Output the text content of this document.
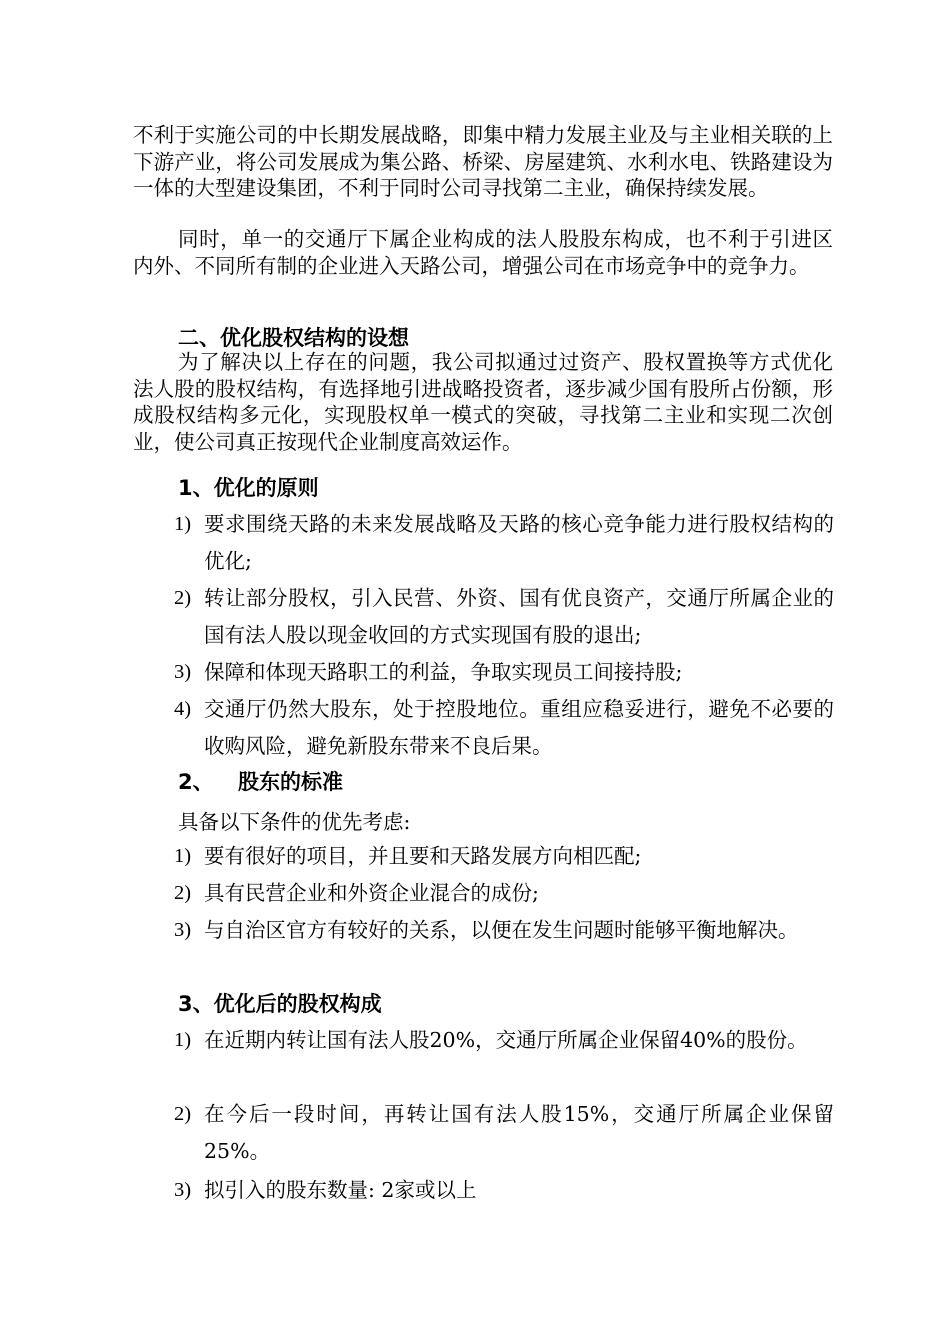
不利于实施公司的中长期发展战略，即集中精力发展主业及与主业相关联的上下游产业，将公司发展成为集公路、桥梁、房屋建筑、水利水电、铁路建设为一体的大型建设集团，不利于同时公司寻找第二主业，确保持续发展。

同时，单一的交通厅下属企业构成的法人股股东构成，也不利于引进区内外、不同所有制的企业进入天路公司，增强公司在市场竞争中的竞争力。

二、优化股权结构的设想

为了解决以上存在的问题，我公司拟通过过资产、股权置换等方式优化法人股的股权结构，有选择地引进战略投资者，逐步减少国有股所占份额，形成股权结构多元化，实现股权单一模式的突破，寻找第二主业和实现二次创业，使公司真正按现代企业制度高效运作。

1、优化的原则
1) 要求围绕天路的未来发展战略及天路的核心竞争能力进行股权结构的优化;
2) 转让部分股权，引入民营、外资、国有优良资产，交通厅所属企业的国有法人股以现金收回的方式实现国有股的退出;
3) 保障和体现天路职工的利益，争取实现员工间接持股;
4) 交通厅仍然大股东，处于控股地位。重组应稳妥进行，避免不必要的收购风险，避免新股东带来不良后果。
2、 股东的标准

具备以下条件的优先考虑:

1) 要有很好的项目，并且要和天路发展方向相匹配;
2) 具有民营企业和外资企业混合的成份;
3) 与自治区官方有较好的关系，以便在发生问题时能够平衡地解决。
3、优化后的股权构成
1) 在近期内转让国有法人股20%，交通厅所属企业保留40%的股份。
2) 在今后一段时间，再转让国有法人股15%，交通厅所属企业保留25%。
3) 拟引入的股东数量: 2家或以上
